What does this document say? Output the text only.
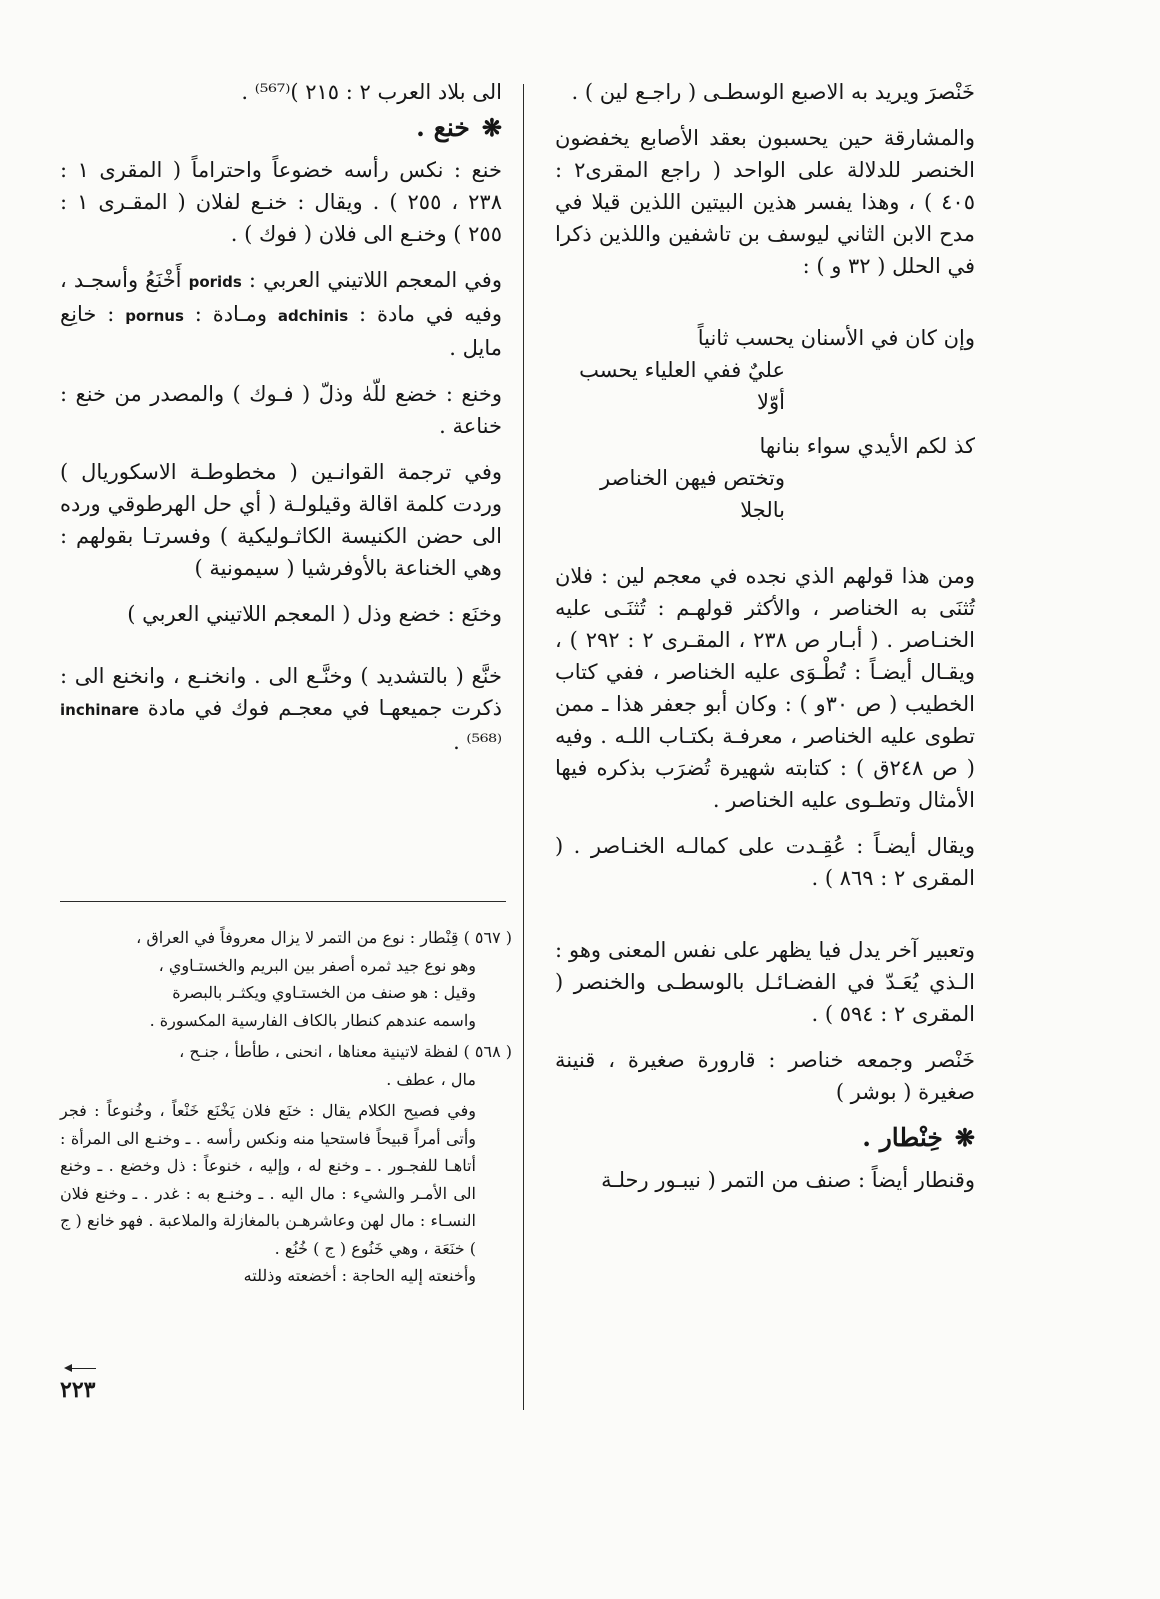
خَنْصرَ ويريد به الاصبع الوسطـى ( راجـع لين ) .

والمشارقة حين يحسبون بعقد الأصابع يخفضون الخنصر للدلالة على الواحد ( راجع المقرى٢ : ٤٠٥ ) ، وهذا يفسر هذين البيتين اللذين قيلا في مدح الابن الثاني ليوسف بن تاشفين واللذين ذكرا في الحلل ( ٣٢ و ) :

وإن كان في الأسنان يحسب ثانياً
عليٌ ففي العلياء يحسب أوّلا
كذ لكم الأيدي سواء بنانها
وتختص فيهن الخناصر بالجلا

ومن هذا قولهم الذي نجده في معجم لين : فلان تُثنَى به الخناصر ، والأكثر قولهـم : تُثنَـى عليه الخنـاصر . ( أبـار ص ٢٣٨ ، المقـرى ٢ : ٢٩٢ ) ، ويقـال أيضـاً : تُطْـوَى عليه الخناصر ، ففي كتاب الخطيب ( ص ٣٠و ) : وكان أبو جعفر هذا ـ ممن تطوى عليه الخناصر ، معرفـة بكتـاب اللـه . وفيه ( ص ٢٤٨ق ) : كتابته شهيرة تُضرَب بذكره فيها الأمثال وتطـوى عليه الخناصر .

ويقال أيضـاً : عُقِـدت على كمالـه الخنـاصر . ( المقرى ٢ : ٨٦٩ ) .

وتعبير آخر يدل فيا يظهر على نفس المعنى وهو : الـذي يُعَـدّ في الفضـائـل بالوسطـى والخنصر ( المقرى ٢ : ٥٩٤ ) .

خَنْصر وجمعه خناصر : قارورة صغيرة ، قنينة صغيرة ( بوشر )

❋
خِنْطار .

وقنطار أيضاً : صنف من التمر ( نيبـور رحلـة

الى بلاد العرب ٢ : ٢١٥ )⁽⁵⁶⁷⁾ .

❋
خنع .

خنع : نكس رأسه خضوعاً واحتراماً ( المقرى ١ : ٢٣٨ ، ٢٥٥ ) . ويقال : خنـع لفلان ( المقـرى ١ : ٢٥٥ ) وخنـع الى فلان ( فوك ) .

وفي المعجم اللاتيني العربي : porids أَخْنَعُ وأسجـد ، وفيه في مادة : adchinis ومـادة : pornus : خانِع مايل .

وخنع : خضع للّهٰ وذلّ ( فـوك ) والمصدر من خنع : خناعة .

وفي ترجمة القوانـين ( مخطوطـة الاسكوريال ) وردت كلمة اقالة وقيلولـة ( أي حل الهرطوقي ورده الى حضن الكنيسة الكاثـوليكية ) وفسرتـا بقولهم : وهي الخناعة بالأوفرشيا ( سيمونية )

وخنَع : خضع وذل ( المعجم اللاتيني العربي )

خنَّع ( بالتشديد ) وخنَّـع الى . وانخنـع ، وانخنع الى : ذكرت جميعهـا في معجـم فوك في مادة inchinare ⁽⁵⁶⁸⁾ .

( ٥٦٧ ) قِنْطار : نوع من التمر لا يزال معروفاً في العراق ،

وهو نوع جيد ثمره أصفر بين البريم والخستـاوي ،

وقيل : هو صنف من الخستـاوي ويكثـر بالبصرة

واسمه عندهم كنطار بالكاف الفارسية المكسورة .

( ٥٦٨ ) لفظة لاتينية معناها ، انحنى ، طأطأ ، جنـح ،

مال ، عطف .

وفي فصيح الكلام يقال : خنَع فلان يَخْنَع خَنْعاً ، وخُنوعاً : فجر وأتى أمراً قبيحاً فاستحيا منه ونكس رأسه . ـ وخنـع الى المرأة : أتاهـا للفجـور . ـ وخنع له ، وإليه ، خنوعاً : ذل وخضع . ـ وخنع الى الأمـر والشيء : مال اليه . ـ وخنـع به : غدر . ـ وخنع فلان النسـاء : مال لهن وعاشرهـن بالمغازلة والملاعبة . فهو خانع ( ج ) خنَعَة ، وهي خَنُوع ( ج ) خُنُع .

وأخنعته إليه الحاجة : أخضعته وذللته

٢٢٣
